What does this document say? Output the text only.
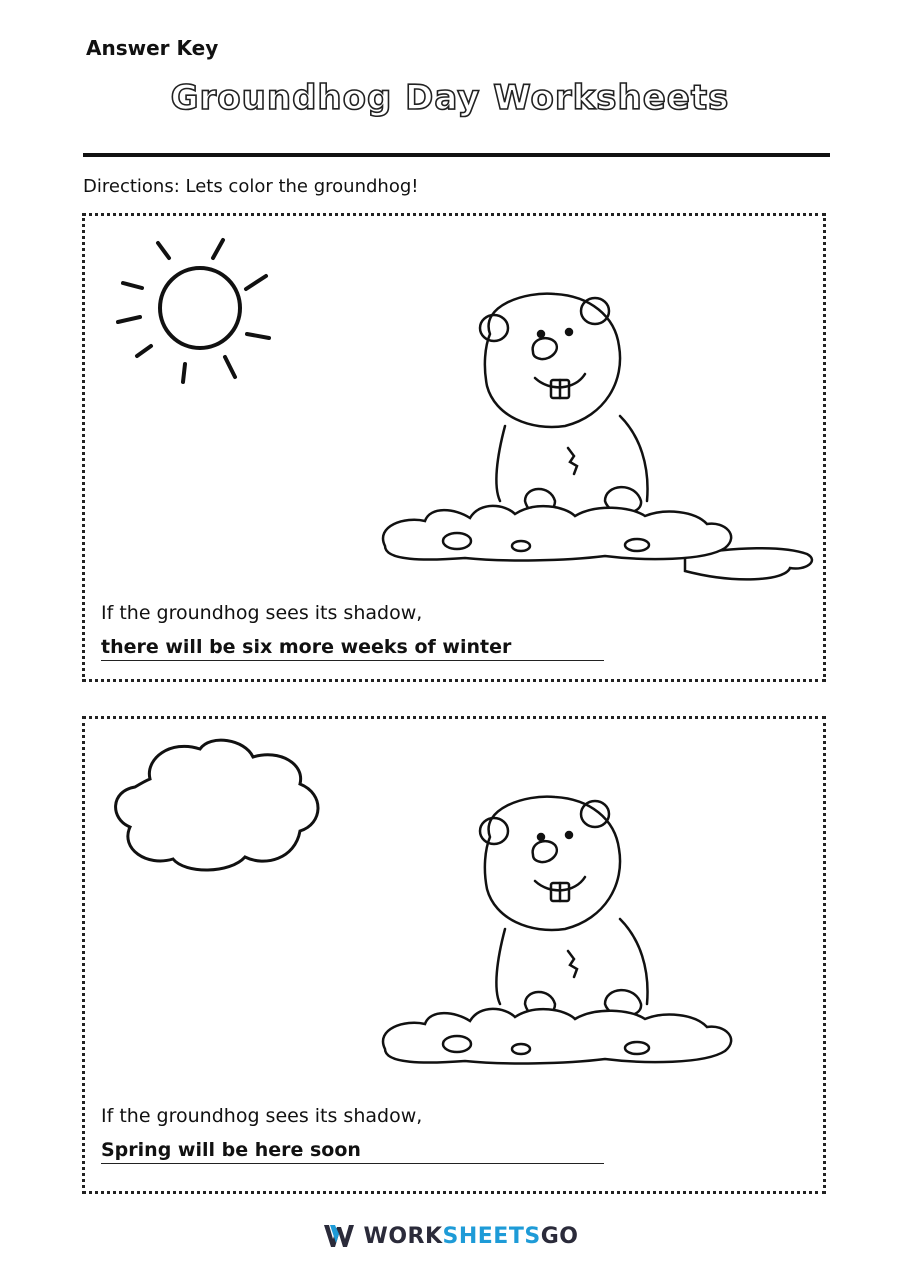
Answer Key
Groundhog Day Worksheets
Directions: Lets color the groundhog!
If the groundhog sees its shadow,
there will be six more weeks of winter
If the groundhog sees its shadow,
Spring will be here soon
WORKSHEETSGO
